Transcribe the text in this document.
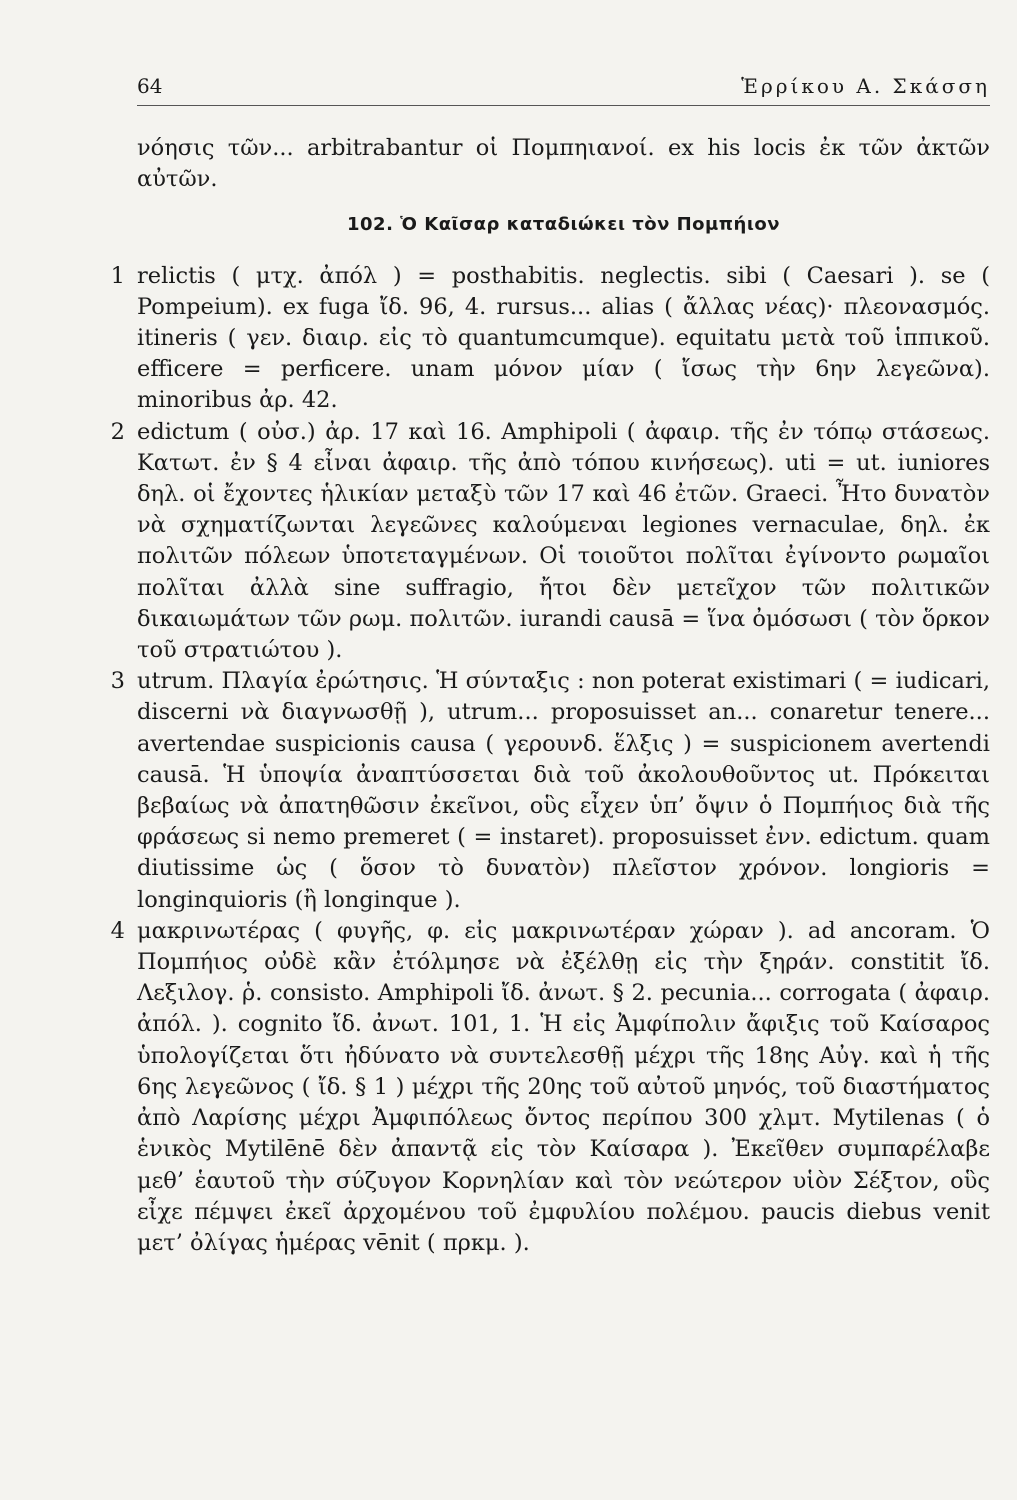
64	Ἑρρίκου Α. Σκάσση

νόησις τῶν... arbitrabantur οἱ Πομπηιανοί. ex his locis ἐκ τῶν ἀκτῶν αὐτῶν.

102. Ὁ Καῖσαρ καταδιώκει τὸν Πομπήιον
1 relictis ( μτχ. ἀπόλ ) = posthabitis. neglectis. sibi ( Caesari ). se ( Pompeium). ex fuga ἴδ. 96, 4. rursus... alias ( ἄλλας νέας)· πλεονασμός. itineris ( γεν. διαιρ. εἰς τὸ quantumcumque). equitatu μετὰ τοῦ ἱππικοῦ. efficere = perficere. unam μόνον μίαν ( ἴσως τὴν 6ην λεγεῶνα). minoribus ἀρ. 42.

2 edictum ( οὐσ.) ἀρ. 17 καὶ 16. Amphipoli ( ἀφαιρ. τῆς ἐν τόπῳ στάσεως. Κατωτ. ἐν § 4 εἶναι ἀφαιρ. τῆς ἀπὸ τόπου κινήσεως). uti = ut. iuniores δηλ. οἱ ἔχοντες ἡλικίαν μεταξὺ τῶν 17 καὶ 46 ἐτῶν. Graeci. Ἦτο δυνατὸν νὰ σχηματίζωνται λεγεῶνες καλούμεναι legiones vernaculae, δηλ. ἐκ πολιτῶν πόλεων ὑποτεταγμένων. Οἱ τοιοῦτοι πολῖται ἐγίνοντο ρωμαῖοι πολῖται ἀλλὰ sine suffragio, ἤτοι δὲν μετεῖχον τῶν πολιτικῶν δικαιωμάτων τῶν ρωμ. πολιτῶν. iurandi causā = ἵνα ὀμόσωσι ( τὸν ὅρκον τοῦ στρατιώτου ).

3 utrum. Πλαγία ἐρώτησις. Ἡ σύνταξις : non poterat existimari ( = iudicari, discerni νὰ διαγνωσθῇ ), utrum... proposuisset an... conaretur tenere... avertendae suspicionis causa ( γερουνδ. ἕλξις ) = suspicionem avertendi causā. Ἡ ὑποψία ἀναπτύσσεται διὰ τοῦ ἀκολουθοῦντος ut. Πρόκειται βεβαίως νὰ ἀπατηθῶσιν ἐκεῖνοι, οὓς εἶχεν ὑπ’ ὄψιν ὁ Πομπήιος διὰ τῆς φράσεως si nemo premeret ( = instaret). proposuisset ἐνν. edictum. quam diutissime ὡς ( ὅσον τὸ δυνατὸν) πλεῖστον χρόνον. longioris = longinquioris (ἢ longinque ).

4 μακρινωτέρας ( φυγῆς, φ. εἰς μακρινωτέραν χώραν ). ad ancoram. Ὁ Πομπήιος οὐδὲ κἂν ἐτόλμησε νὰ ἐξέλθῃ εἰς τὴν ξηράν. constitit ἴδ. Λεξιλογ. ῥ. consisto. Amphipoli ἴδ. ἀνωτ. § 2. pecunia... corrogata ( ἀφαιρ. ἀπόλ. ). cognito ἴδ. ἀνωτ. 101, 1. Ἡ εἰς Ἀμφίπολιν ἄφιξις τοῦ Καίσαρος ὑπολογίζεται ὅτι ἠδύνατο νὰ συντελεσθῇ μέχρι τῆς 18ης Αὐγ. καὶ ἡ τῆς 6ης λεγεῶνος ( ἴδ. § 1 ) μέχρι τῆς 20ης τοῦ αὐτοῦ μηνός, τοῦ διαστήματος ἀπὸ Λαρίσης μέχρι Ἀμφιπόλεως ὄντος περίπου 300 χλμτ. Mytilenas ( ὁ ἑνικὸς Mytilēnē δὲν ἀπαντᾷ εἰς τὸν Καίσαρα ). Ἐκεῖθεν συμπαρέλαβε μεθ’ ἑαυτοῦ τὴν σύζυγον Κορνηλίαν καὶ τὸν νεώτερον υἱὸν Σέξτον, οὓς εἶχε πέμψει ἐκεῖ ἀρχομένου τοῦ ἐμφυλίου πολέμου. paucis diebus venit μετ’ ὀλίγας ἡμέρας vēnit ( πρκμ. ).
